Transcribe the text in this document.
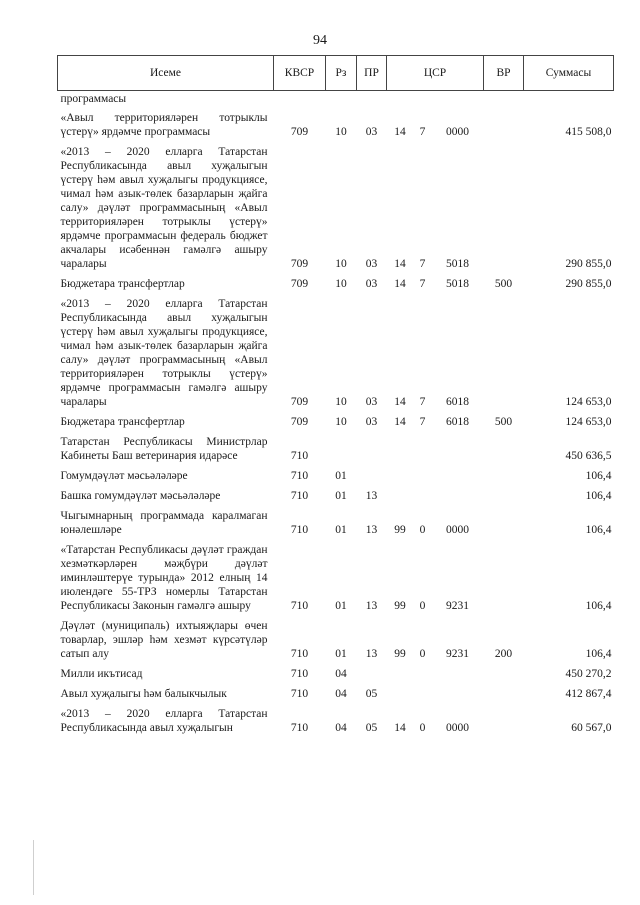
94
Исеме	КВСР	Рз	ПР	ЦСР			ВР	Суммасы
программасы								
«Авыл территорияләрен тотрыклы үстерү» ярдәмче программасы	709	10	03	14	7	0000		415 508,0
«2013 – 2020 елларга Татарстан Республикасында авыл хуҗалыгын үстерү һәм авыл хуҗалыгы продукциясе, чимал һәм азык-төлек базарларын җайга салу» дәүләт программасының «Авыл территорияләрен тотрыклы үстерү» ярдәмче программасын федераль бюджет акчалары исәбеннән гамәлгә ашыру чаралары	709	10	03	14	7	5018		290 855,0
Бюджетара трансфертлар	709	10	03	14	7	5018	500	290 855,0
«2013 – 2020 елларга Татарстан Республикасында авыл хуҗалыгын үстерү һәм авыл хуҗалыгы продукциясе, чимал һәм азык-төлек базарларын җайга салу» дәүләт программасының «Авыл территорияләрен тотрыклы үстерү» ярдәмче программасын гамәлгә ашыру чаралары	709	10	03	14	7	6018		124 653,0
Бюджетара трансфертлар	709	10	03	14	7	6018	500	124 653,0
Татарстан Республикасы Министрлар Кабинеты Баш ветеринария идарәсе	710							450 636,5
Гомумдәүләт мәсьәләләре	710	01						106,4
Башка гомумдәүләт мәсьәләләре	710	01	13					106,4
Чыгымнарның программада каралмаган юнәлешләре	710	01	13	99	0	0000		106,4
«Татарстан Республикасы дәүләт граждан хезмәткәрләрен мәҗбүри дәүләт иминләштерүе турында» 2012 елның 14 июлендәге 55-ТРЗ номерлы Татарстан Республикасы Законын гамәлгә ашыру	710	01	13	99	0	9231		106,4
Дәүләт (муниципаль) ихтыяҗлары өчен товарлар, эшләр һәм хезмәт күрсәтүләр сатып алу	710	01	13	99	0	9231	200	106,4
Милли икътисад	710	04						450 270,2
Авыл хуҗалыгы һәм балыкчылык	710	04	05					412 867,4
«2013 – 2020 елларга Татарстан Республикасында авыл хуҗалыгын	710	04	05	14	0	0000		60 567,0
